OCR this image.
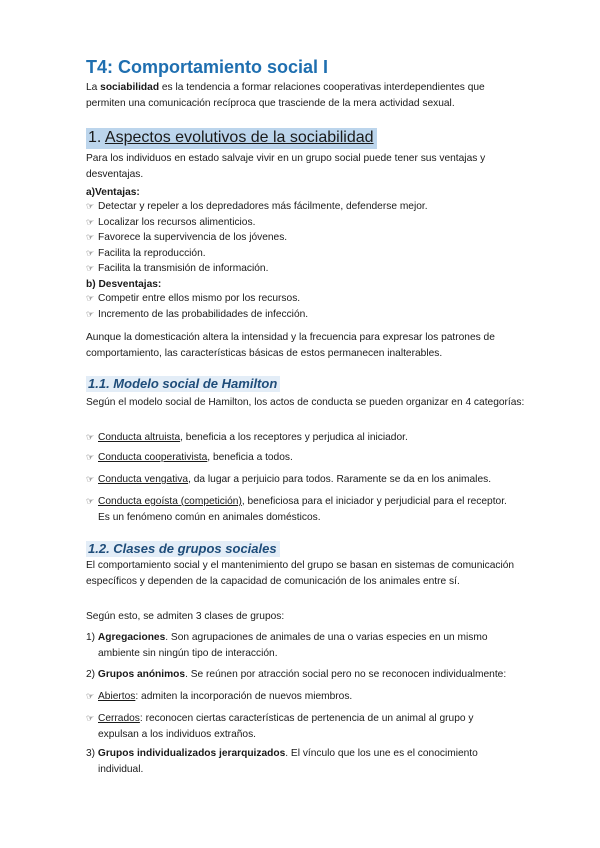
T4: Comportamiento social I

La sociabilidad es la tendencia a formar relaciones cooperativas interdependientes que permiten una comunicación recíproca que trasciende de la mera actividad sexual.

1. Aspectos evolutivos de la sociabilidad

Para los individuos en estado salvaje vivir en un grupo social puede tener sus ventajas y desventajas.

a)Ventajas:
☞ Detectar y repeler a los depredadores más fácilmente, defenderse mejor.
☞ Localizar los recursos alimenticios.
☞ Favorece la supervivencia de los jóvenes.
☞ Facilita la reproducción.
☞ Facilita la transmisión de información.
b) Desventajas:
☞ Competir entre ellos mismo por los recursos.
☞ Incremento de las probabilidades de infección.

Aunque la domesticación altera la intensidad y la frecuencia para expresar los patrones de comportamiento, las características básicas de estos permanecen inalterables.

1.1. Modelo social de Hamilton

Según el modelo social de Hamilton, los actos de conducta se pueden organizar en 4 categorías:

☞ Conducta altruista, beneficia a los receptores y perjudica al iniciador.
☞ Conducta cooperativista, beneficia a todos.
☞ Conducta vengativa, da lugar a perjuicio para todos. Raramente se da en los animales.
☞ Conducta egoísta (competición), beneficiosa para el iniciador y perjudicial para el receptor.
Es un fenómeno común en animales domésticos.
1.2. Clases de grupos sociales

El comportamiento social y el mantenimiento del grupo se basan en sistemas de comunicación específicos y dependen de la capacidad de comunicación de los animales entre sí.

Según esto, se admiten 3 clases de grupos:

1) Agregaciones. Son agrupaciones de animales de una o varias especies en un mismo
ambiente sin ningún tipo de interacción.
2) Grupos anónimos. Se reúnen por atracción social pero no se reconocen individualmente:
☞ Abiertos: admiten la incorporación de nuevos miembros.
☞ Cerrados: reconocen ciertas características de pertenencia de un animal al grupo y
expulsan a los individuos extraños.
3) Grupos individualizados jerarquizados. El vínculo que los une es el conocimiento
individual.
